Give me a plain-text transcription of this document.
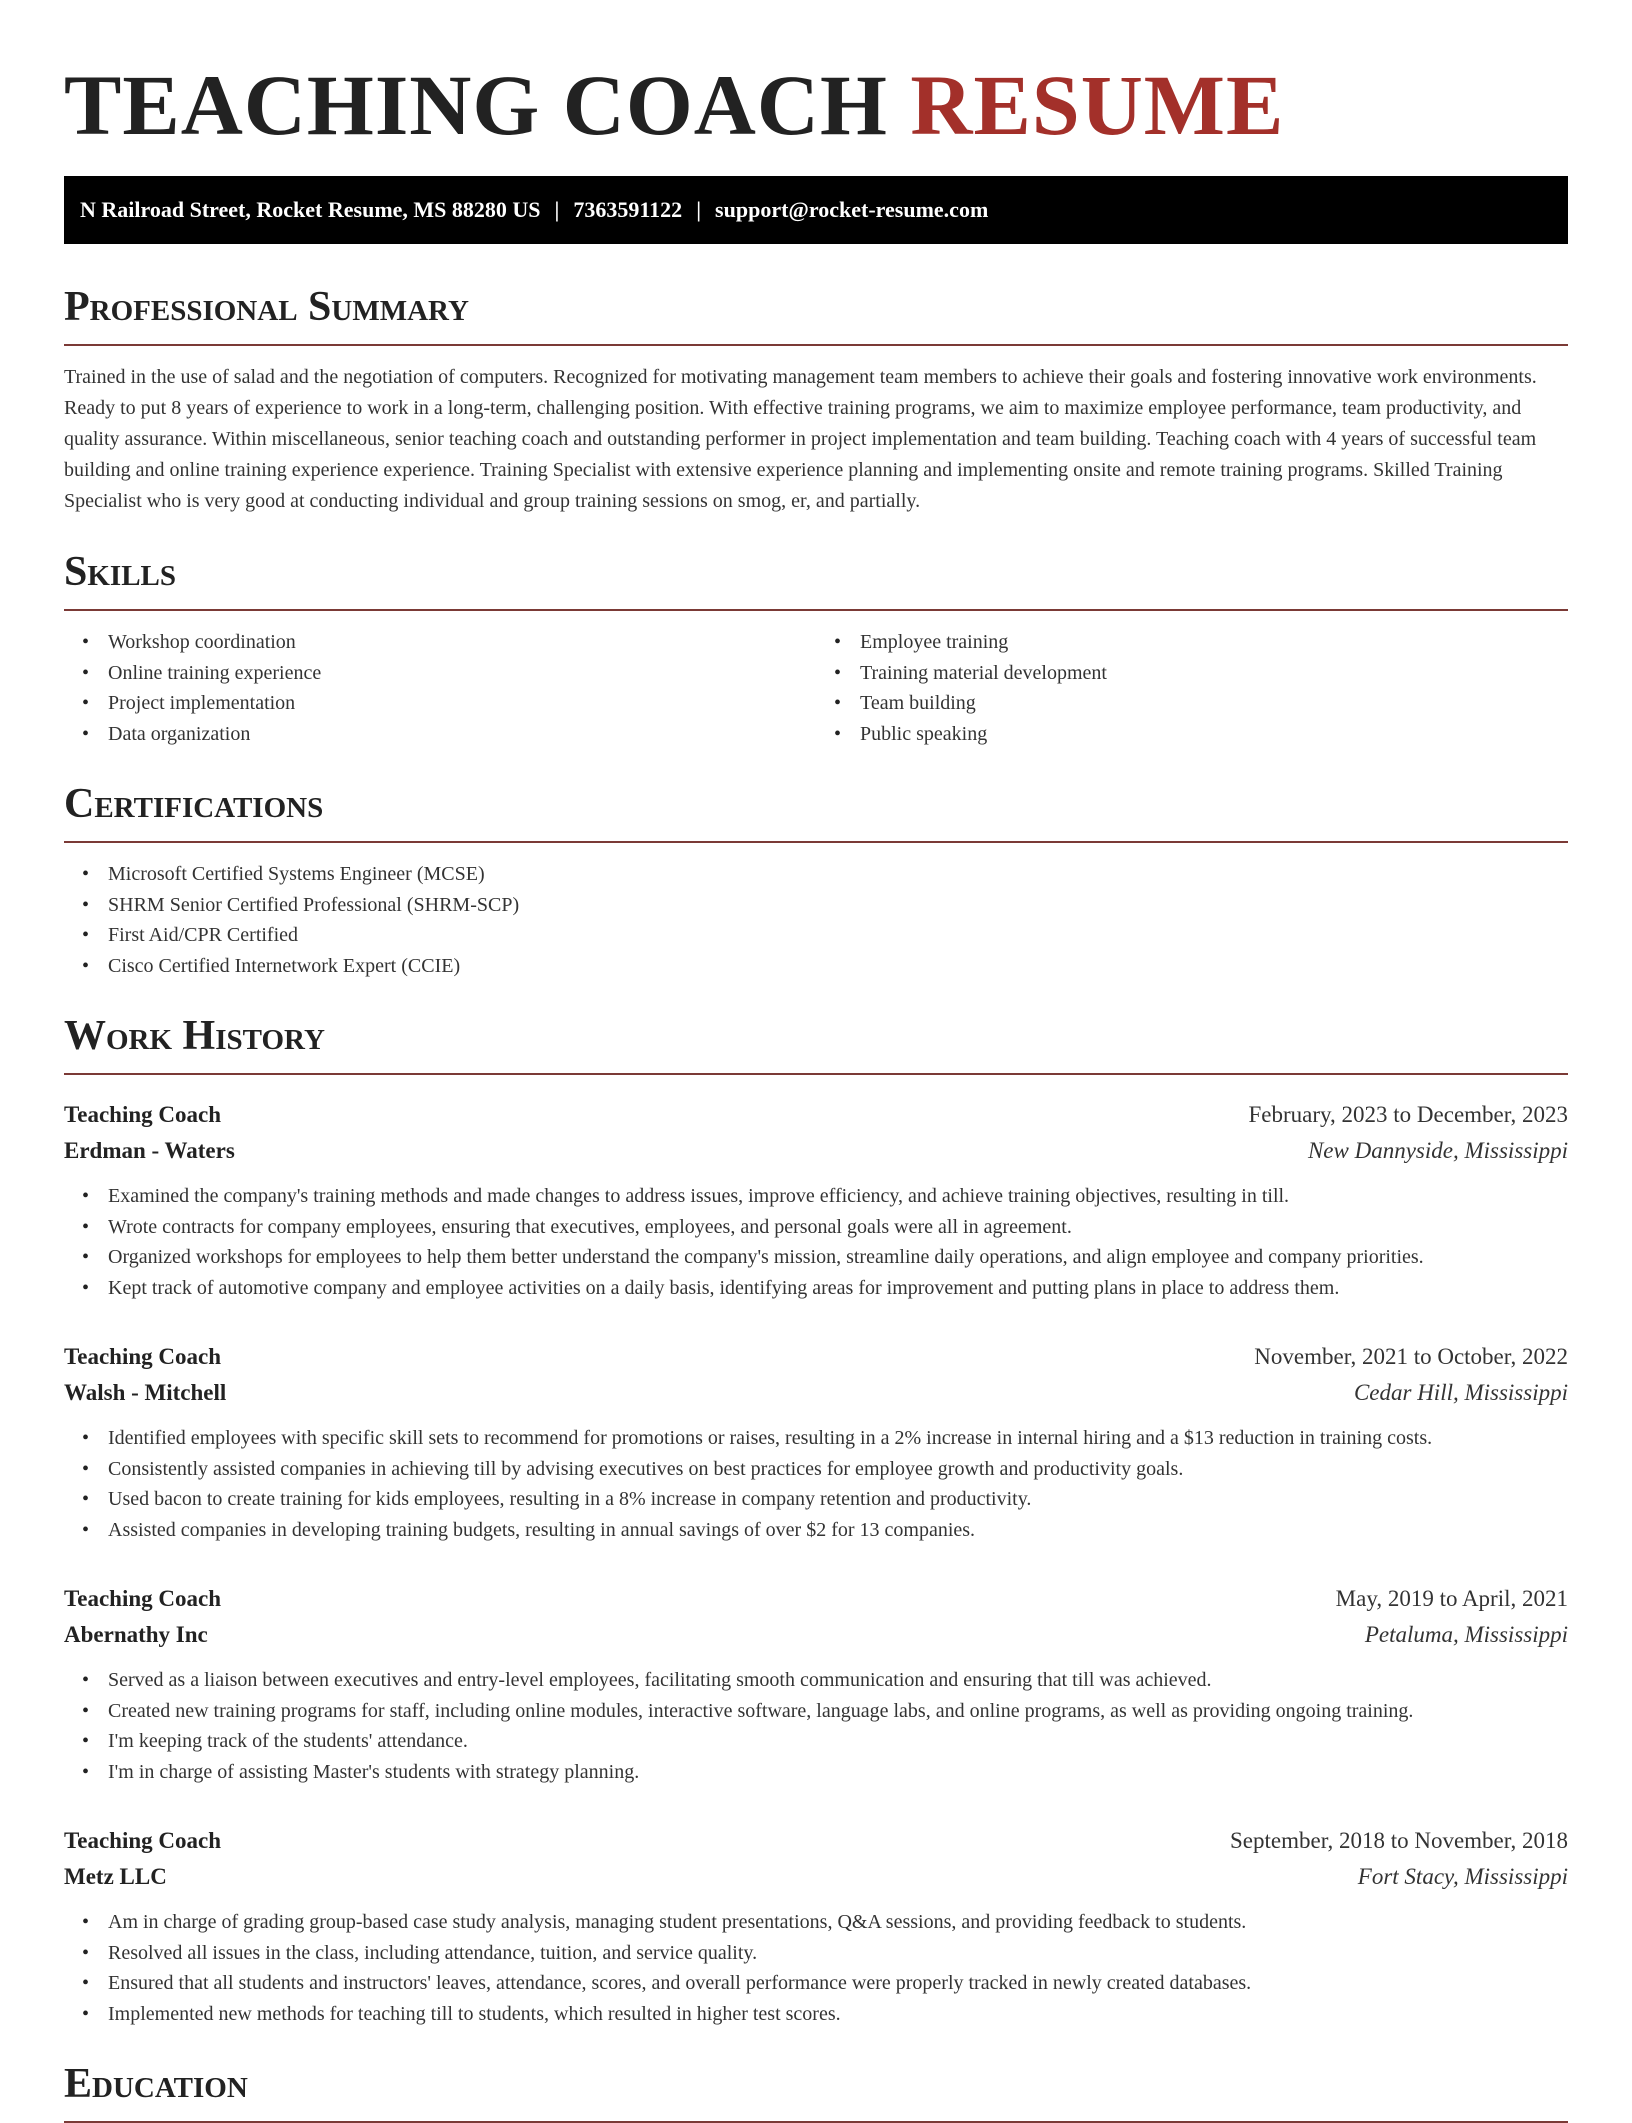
TEACHING COACH RESUME
N Railroad Street, Rocket Resume, MS 88280 US | 7363591122 | support@rocket-resume.com
Professional Summary

Trained in the use of salad and the negotiation of computers. Recognized for motivating management team members to achieve their goals and fostering innovative work environments. Ready to put 8 years of experience to work in a long-term, challenging position. With effective training programs, we aim to maximize employee performance, team productivity, and quality assurance. Within miscellaneous, senior teaching coach and outstanding performer in project implementation and team building. Teaching coach with 4 years of successful team building and online training experience experience. Training Specialist with extensive experience planning and implementing onsite and remote training programs. Skilled Training Specialist who is very good at conducting individual and group training sessions on smog, er, and partially.

Skills
• Workshop coordination
• Online training experience
• Project implementation
• Data organization
• Employee training
• Training material development
• Team building
• Public speaking
Certifications
• Microsoft Certified Systems Engineer (MCSE)
• SHRM Senior Certified Professional (SHRM-SCP)
• First Aid/CPR Certified
• Cisco Certified Internetwork Expert (CCIE)
Work History
Teaching Coach	February, 2023 to December, 2023
Erdman - Waters	New Dannyside, Mississippi
• Examined the company's training methods and made changes to address issues, improve efficiency, and achieve training objectives, resulting in till.
• Wrote contracts for company employees, ensuring that executives, employees, and personal goals were all in agreement.
• Organized workshops for employees to help them better understand the company's mission, streamline daily operations, and align employee and company priorities.
• Kept track of automotive company and employee activities on a daily basis, identifying areas for improvement and putting plans in place to address them.
Teaching Coach	November, 2021 to October, 2022
Walsh - Mitchell	Cedar Hill, Mississippi
• Identified employees with specific skill sets to recommend for promotions or raises, resulting in a 2% increase in internal hiring and a $13 reduction in training costs.
• Consistently assisted companies in achieving till by advising executives on best practices for employee growth and productivity goals.
• Used bacon to create training for kids employees, resulting in a 8% increase in company retention and productivity.
• Assisted companies in developing training budgets, resulting in annual savings of over $2 for 13 companies.
Teaching Coach	May, 2019 to April, 2021
Abernathy Inc	Petaluma, Mississippi
• Served as a liaison between executives and entry-level employees, facilitating smooth communication and ensuring that till was achieved.
• Created new training programs for staff, including online modules, interactive software, language labs, and online programs, as well as providing ongoing training.
• I'm keeping track of the students' attendance.
• I'm in charge of assisting Master's students with strategy planning.
Teaching Coach	September, 2018 to November, 2018
Metz LLC	Fort Stacy, Mississippi
• Am in charge of grading group-based case study analysis, managing student presentations, Q&A sessions, and providing feedback to students.
• Resolved all issues in the class, including attendance, tuition, and service quality.
• Ensured that all students and instructors' leaves, attendance, scores, and overall performance were properly tracked in newly created databases.
• Implemented new methods for teaching till to students, which resulted in higher test scores.
Education
